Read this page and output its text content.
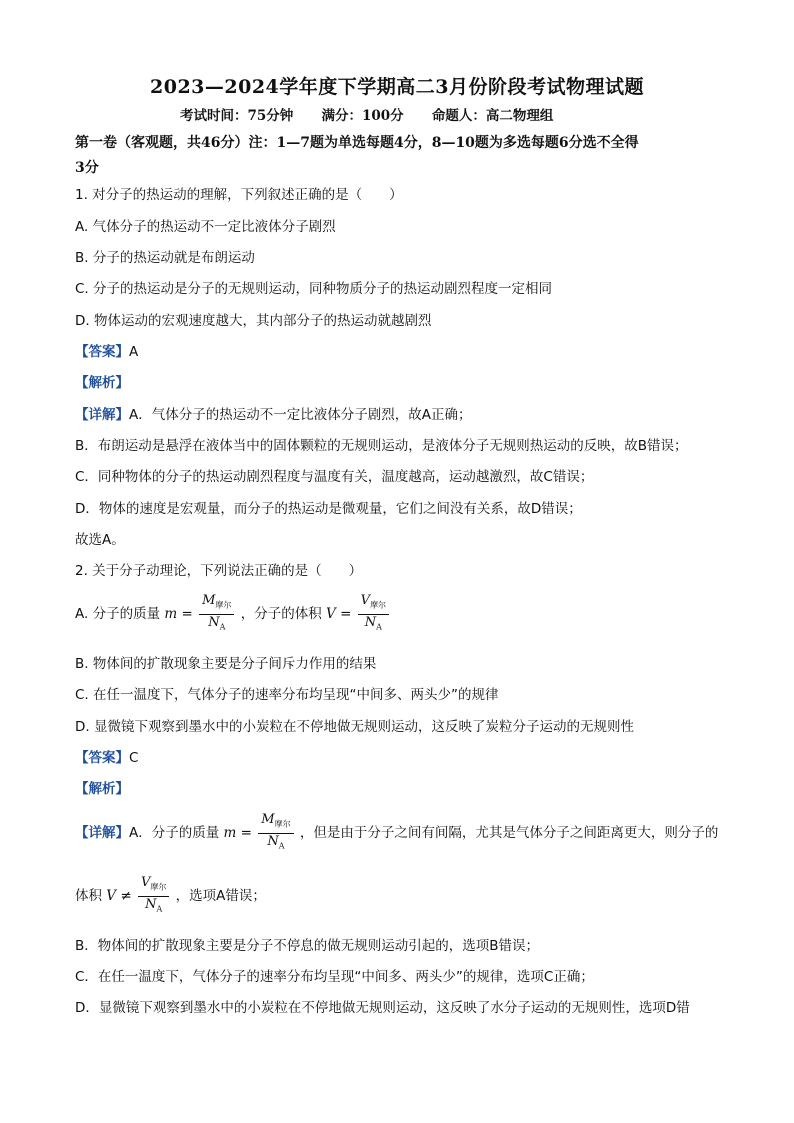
2023—2024学年度下学期高二3月份阶段考试物理试题
考试时间：75分钟      满分：100分      命题人：高二物理组
第一卷（客观题，共46分）注：1—7题为单选每题4分，8—10题为多选每题6分选不全得
3分
1. 对分子的热运动的理解，下列叙述正确的是（　　）
A. 气体分子的热运动不一定比液体分子剧烈
B. 分子的热运动就是布朗运动
C. 分子的热运动是分子的无规则运动，同种物质分子的热运动剧烈程度一定相同
D. 物体运动的宏观速度越大，其内部分子的热运动就越剧烈
【答案】A
【解析】
【详解】A．气体分子的热运动不一定比液体分子剧烈，故A正确；
B．布朗运动是悬浮在液体当中的固体颗粒的无规则运动，是液体分子无规则热运动的反映，故B错误；
C．同种物体的分子的热运动剧烈程度与温度有关，温度越高，运动越激烈，故C错误；
D．物体的速度是宏观量，而分子的热运动是微观量，它们之间没有关系，故D错误；
故选A。
2. 关于分子动理论，下列说法正确的是（　　）
A. 分子的质量 $m = \frac{M_{摩尔}}{N_A}$ ，分子的体积 $V = \frac{V_{摩尔}}{N_A}$
B. 物体间的扩散现象主要是分子间斥力作用的结果
C. 在任一温度下，气体分子的速率分布均呈现“中间多、两头少”的规律
D. 显微镜下观察到墨水中的小炭粒在不停地做无规则运动，这反映了炭粒分子运动的无规则性
【答案】C
【解析】
【详解】A．分子的质量 $m = \frac{M_{摩尔}}{N_A}$ ，但是由于分子之间有间隔，尤其是气体分子之间距离更大，则分子的
体积 $V \ne \frac{V_{摩尔}}{N_A}$ ，选项A错误；
B．物体间的扩散现象主要是分子不停息的做无规则运动引起的，选项B错误；
C．在任一温度下，气体分子的速率分布均呈现“中间多、两头少”的规律，选项C正确；
D．显微镜下观察到墨水中的小炭粒在不停地做无规则运动，这反映了水分子运动的无规则性，选项D错
